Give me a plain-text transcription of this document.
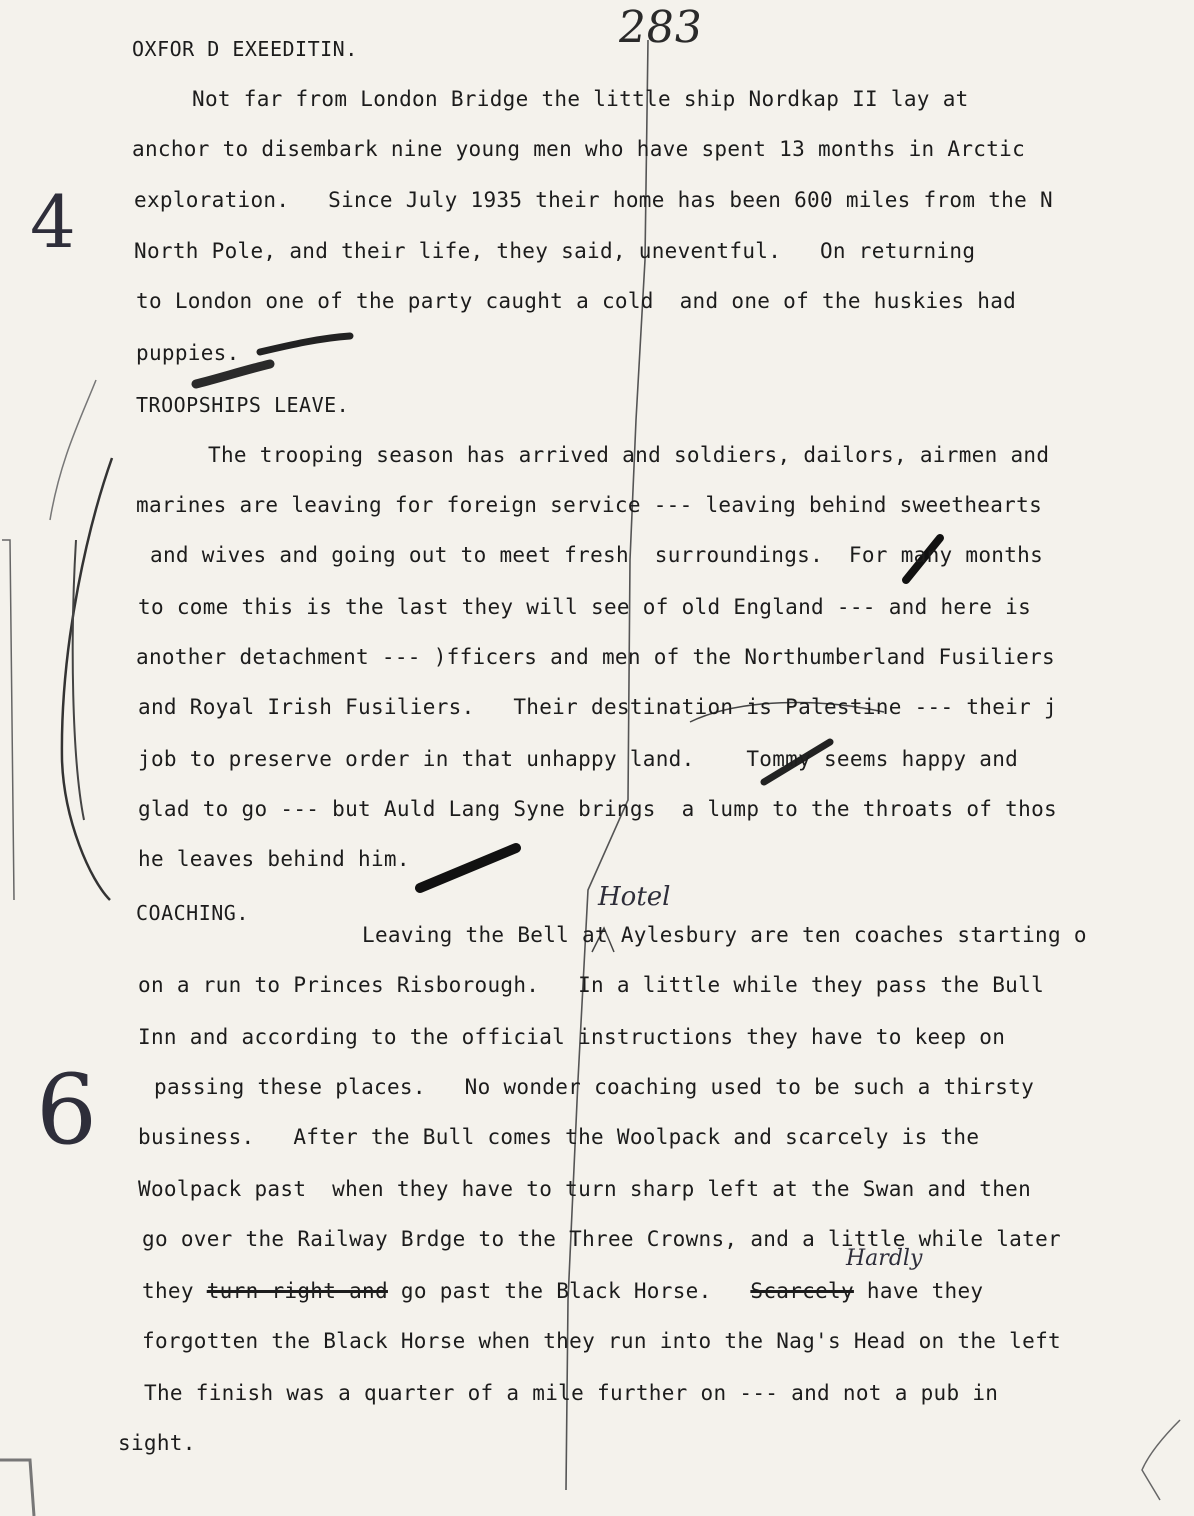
283
4
6
Hotel
Hardly
OXFOR D EXEEDITIN.
Not far from London Bridge the little ship Nordkap II lay at
anchor to disembark nine young men who have spent 13 months in Arctic
exploration.   Since July 1935 their home has been 600 miles from the N
North Pole, and their life, they said, uneventful.   On returning
to London one of the party caught a cold  and one of the huskies had
puppies.
TROOPSHIPS LEAVE.
The trooping season has arrived and soldiers, dailors, airmen and
marines are leaving for foreign service --- leaving behind sweethearts
and wives and going out to meet fresh  surroundings.  For many months
to come this is the last they will see of old England --- and here is
another detachment --- )fficers and men of the Northumberland Fusiliers
and Royal Irish Fusiliers.   Their destination is Palestine --- their j
job to preserve order in that unhappy land.    Tommy seems happy and
glad to go --- but Auld Lang Syne brings  a lump to the throats of thos
he leaves behind him.
COACHING.
Leaving the Bell at Aylesbury are ten coaches starting o
on a run to Princes Risborough.   In a little while they pass the Bull
Inn and according to the official instructions they have to keep on
passing these places.   No wonder coaching used to be such a thirsty
business.   After the Bull comes the Woolpack and scarcely is the
Woolpack past  when they have to turn sharp left at the Swan and then
go over the Railway Brdge to the Three Crowns, and a little while later
they turn right and go past the Black Horse. Scarcely have they
forgotten the Black Horse when they run into the Nag's Head on the left
The finish was a quarter of a mile further on --- and not a pub in
sight.
